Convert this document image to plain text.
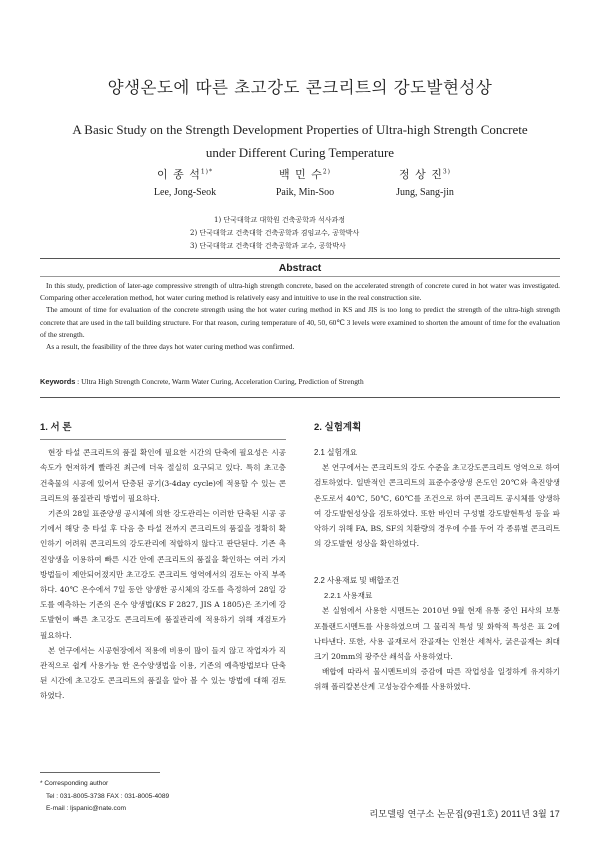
양생온도에 따른 초고강도 콘크리트의 강도발현성상
A Basic Study on the Strength Development Properties of Ultra-high Strength Concrete
under Different Curing Temperature
이 종 석$^{1)*}$
Lee, Jong-Seok
백 민 수$^{2)}$
Paik, Min-Soo
정 상 진$^{3)}$
Jung, Sang-jin
1) 단국대학교 대학원 건축공학과 석사과정
2) 단국대학교 건축대학 건축공학과 겸임교수, 공학박사
3) 단국대학교 건축대학 건축공학과 교수, 공학박사
Abstract

In this study, prediction of later-age compressive strength of ultra-high strength concrete, based on the accelerated strength of concrete cured in hot water was investigated. Comparing other acceleration method, hot water curing method is relatively easy and intuitive to use in the real construction site.

The amount of time for evaluation of the concrete strength using the hot water curing method in KS and JIS is too long to predict the strength of the ultra-high strength concrete that are used in the tall building structure. For that reason, curing temperature of 40, 50, 60℃ 3 levels were examined to shorten the amount of time for the evaluation of the strength.

As a result, the feasibility of the three days hot water curing method was confirmed.

Keywords : Ultra High Strength Concrete, Warm Water Curing, Acceleration Curing, Prediction of Strength
1. 서 론

현장 타설 콘크리트의 품질 확인에 필요한 시간의 단축에 필요성은 시공속도가 현저하게 빨라진 최근에 더욱 절실히 요구되고 있다. 특히 초고층 건축물의 시공에 있어서 단층된 공기(3-4day cycle)에 적용할 수 있는 콘크리트의 품질관리 방법이 필요하다.

기존의 28일 표준양생 공시체에 의한 강도관리는 이러한 단축된 시공 공기에서 해당 층 타설 후 다음 층 타설 전까지 콘크리트의 품질을 정확히 확인하기 어려워 콘크리트의 강도관리에 적합하지 않다고 판단된다. 기존 촉진양생을 이용하여 빠른 시간 안에 콘크리트의 품질을 확인하는 여러 가지 방법들이 제안되어졌지만 초고강도 콘크리트 영역에서의 검토는 아직 부족하다. 40℃ 온수에서 7일 동안 양생한 공시체의 강도를 측정하여 28일 강도를 예측하는 기존의 온수 양생법(KS F 2827, JIS A 1805)은 조기에 강도발현이 빠른 초고강도 콘크리트에 품질관리에 적용하기 위해 재검토가 필요하다.

본 연구에서는 시공현장에서 적용에 비용이 많이 들지 않고 작업자가 직관적으로 쉽게 사용가능 한 온수양생법을 이용, 기존의 예측방법보다 단축된 시간에 초고강도 콘크리트의 품질을 알아 볼 수 있는 방법에 대해 검토하였다.

2. 실험계획
2.1 실험개요

본 연구에서는 콘크리트의 강도 수준을 초고강도콘크리트 영역으로 하여 검토하였다. 일반적인 콘크리트의 표준수중양생 온도인 20℃와 촉진양생온도로서 40℃, 50℃, 60℃를 조건으로 하여 콘크리트 공시체를 양생하여 강도발현성상을 검토하였다. 또한 바인더 구성별 강도발현특성 등을 파악하기 위해 FA, BS, SF의 치환량의 경우에 수를 두어 각 종류별 콘크리트의 강도발현 성상을 확인하였다.

2.2 사용재료 및 배합조건
2.2.1 사용재료

본 실험에서 사용한 시멘트는 2010년 9월 현재 유통 중인 H사의 보통포틀랜드시멘트를 사용하였으며 그 물리적 특성 및 화학적 특성은 표 2에 나타낸다. 또한, 사용 골재로서 잔골재는 인천산 세척사, 굵은골재는 최대크기 20mm의 광주산 쇄석을 사용하였다.

배합에 따라서 물시멘트비의 증감에 따른 작업성을 일정하게 유지하기 위해 폴리칼본산계 고성능감수제를 사용하였다.

* Corresponding author
Tel : 031-8005-3738 FAX : 031-8005-4089
E-mail : ljspanic@nate.com
리모델링 연구소 논문집(9권1호) 2011년 3월 17
